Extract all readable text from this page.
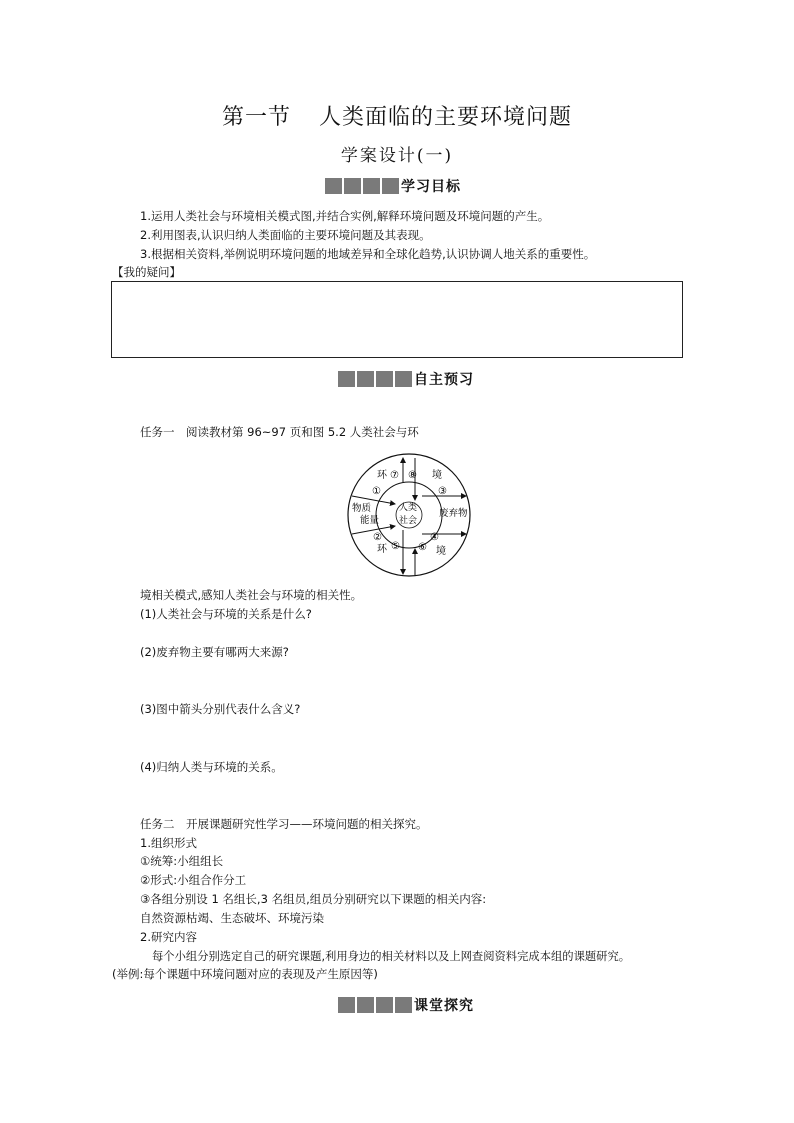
第一节 人类面临的主要环境问题
学案设计(一)
学习目标
1.运用人类社会与环境相关模式图,并结合实例,解释环境问题及环境问题的产生。
2.利用图表,认识归纳人类面临的主要环境问题及其表现。
3.根据相关资料,举例说明环境问题的地域差异和全球化趋势,认识协调人地关系的重要性。
【我的疑问】
自主预习
任务一　阅读教材第 96~97 页和图 5.2 人类社会与环
环	境
环	境
⑦ ⑧
①	③
②	④
⑤ ⑥
物质
能量
废弃物
人类
社会
境相关模式,感知人类社会与环境的相关性。
(1)人类社会与环境的关系是什么?
(2)废弃物主要有哪两大来源?
(3)图中箭头分别代表什么含义?
(4)归纳人类与环境的关系。
任务二　开展课题研究性学习——环境问题的相关探究。
1.组织形式
①统筹:小组组长
②形式:小组合作分工
③各组分别设 1 名组长,3 名组员,组员分别研究以下课题的相关内容:
自然资源枯竭、生态破坏、环境污染
2.研究内容
每个小组分别选定自己的研究课题,利用身边的相关材料以及上网查阅资料完成本组的课题研究。
(举例:每个课题中环境问题对应的表现及产生原因等)
课堂探究
